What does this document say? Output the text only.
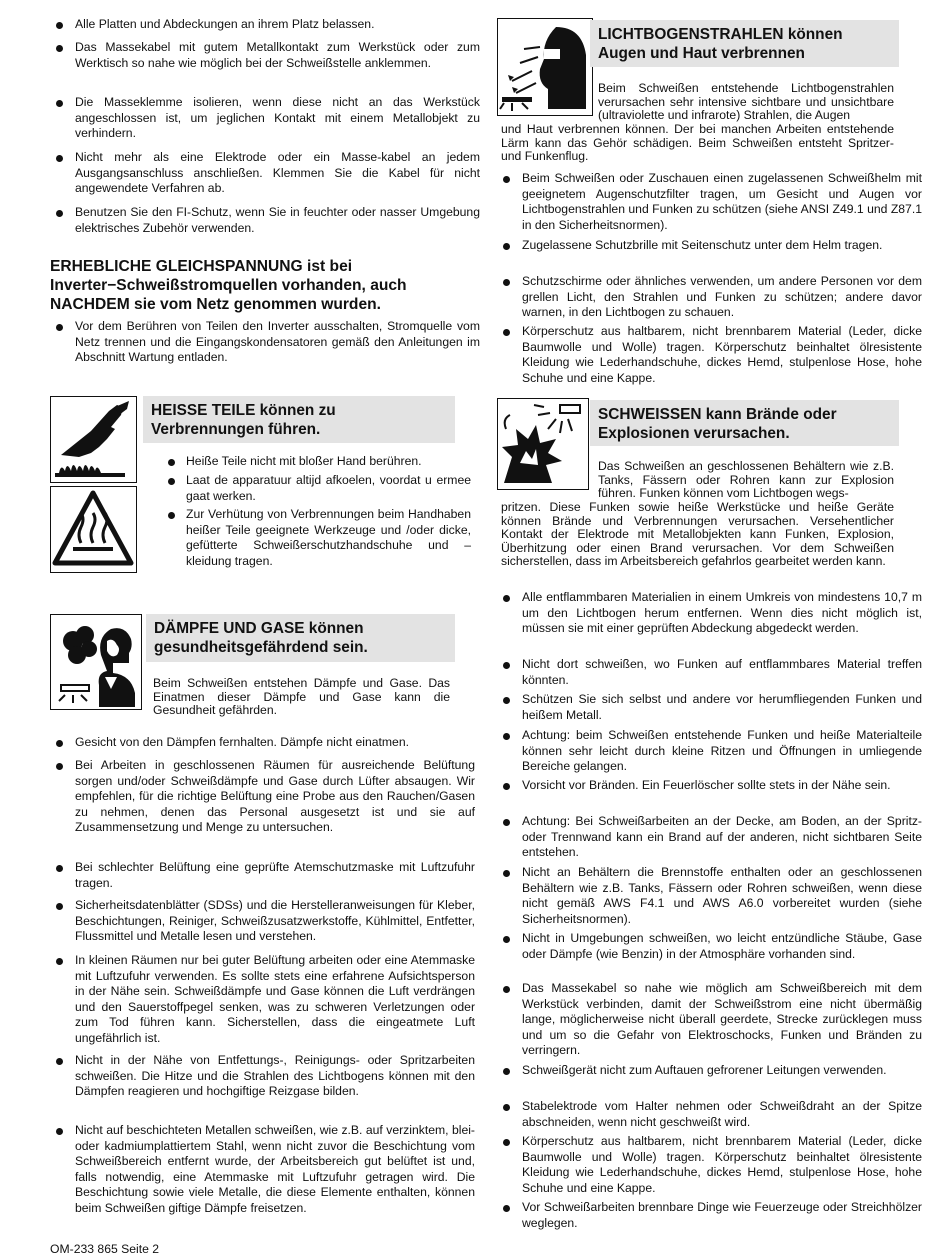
Alle Platten und Abdeckungen an ihrem Platz belassen.
Das Massekabel mit gutem Metallkontakt zum Werkstück oder zum Werktisch so nahe wie möglich bei der Schweißstelle anklemmen.
Die Masseklemme isolieren, wenn diese nicht an das Werkstück angeschlossen ist, um jeglichen Kontakt mit einem Metallobjekt zu verhindern.
Nicht mehr als eine Elektrode oder ein Masse-kabel an jedem Ausgangsanschluss anschließen. Klemmen Sie die Kabel für nicht angewendete Verfahren ab.
Benutzen Sie den FI-Schutz, wenn Sie in feuchter oder nasser Umgebung elektrisches Zubehör verwenden.
ERHEBLICHE GLEICHSPANNUNG ist bei Inverter−Schweißstromquellen vorhanden, auch NACHDEM sie vom Netz genommen wurden.
Vor dem Berühren von Teilen den Inverter ausschalten, Stromquelle vom Netz trennen und die Eingangskondensatoren gemäß den Anleitungen im Abschnitt Wartung entladen.
HEISSE TEILE können zu Verbrennungen führen.
Heiße Teile nicht mit bloßer Hand berühren.
Laat de apparatuur altijd afkoelen, voordat u ermee gaat werken.
Zur Verhütung von Verbrennungen beim Handhaben heißer Teile geeignete Werkzeuge und /oder dicke, gefütterte Schweißerschutzhandschuhe und –kleidung tragen.
DÄMPFE UND GASE können gesundheitsgefährdend sein.
Beim Schweißen entstehen Dämpfe und Gase. Das Einatmen dieser Dämpfe und Gase kann die Gesundheit gefährden.
Gesicht von den Dämpfen fernhalten. Dämpfe nicht einatmen.
Bei Arbeiten in geschlossenen Räumen für ausreichende Belüftung sorgen und/oder Schweißdämpfe und Gase durch Lüfter absaugen. Wir empfehlen, für die richtige Belüftung eine Probe aus den Rauchen/Gasen zu nehmen, denen das Personal ausgesetzt ist und sie auf Zusammensetzung und Menge zu untersuchen.
Bei schlechter Belüftung eine geprüfte Atemschutzmaske mit Luftzufuhr tragen.
Sicherheitsdatenblätter (SDSs) und die Herstelleranweisungen für Kleber, Beschichtungen, Reiniger, Schweißzusatzwerkstoffe, Kühlmittel, Entfetter, Flussmittel und Metalle lesen und verstehen.
In kleinen Räumen nur bei guter Belüftung arbeiten oder eine Atemmaske mit Luftzufuhr verwenden. Es sollte stets eine erfahrene Aufsichtsperson in der Nähe sein. Schweißdämpfe und Gase können die Luft verdrängen und den Sauerstoffpegel senken, was zu schweren Verletzungen oder zum Tod führen kann. Sicherstellen, dass die eingeatmete Luft ungefährlich ist.
Nicht in der Nähe von Entfettungs-, Reinigungs- oder Spritzarbeiten schweißen. Die Hitze und die Strahlen des Lichtbogens können mit den Dämpfen reagieren und hochgiftige Reizgase bilden.
Nicht auf beschichteten Metallen schweißen, wie z.B. auf verzinktem, blei- oder kadmiumplattiertem Stahl, wenn nicht zuvor die Beschichtung vom Schweißbereich entfernt wurde, der Arbeitsbereich gut belüftet ist und, falls notwendig, eine Atemmaske mit Luftzufuhr getragen wird. Die Beschichtung sowie viele Metalle, die diese Elemente enthalten, können beim Schweißen giftige Dämpfe freisetzen.
LICHTBOGENSTRAHLEN können Augen und Haut verbrennen
Beim Schweißen entstehende Lichtbogenstrahlen verursachen sehr intensive sichtbare und unsichtbare (ultraviolette und infrarote) Strahlen, die Augen
und Haut verbrennen können. Der bei manchen Arbeiten entstehende Lärm kann das Gehör schädigen. Beim Schweißen entsteht Spritzer- und Funkenflug.
Beim Schweißen oder Zuschauen einen zugelassenen Schweißhelm mit geeignetem Augenschutzfilter tragen, um Gesicht und Augen vor Lichtbogenstrahlen und Funken zu schützen (siehe ANSI Z49.1 und Z87.1 in den Sicherheitsnormen).
Zugelassene Schutzbrille mit Seitenschutz unter dem Helm tragen.
Schutzschirme oder ähnliches verwenden, um andere Personen vor dem grellen Licht, den Strahlen und Funken zu schützen; andere davor warnen, in den Lichtbogen zu schauen.
Körperschutz aus haltbarem, nicht brennbarem Material (Leder, dicke Baumwolle und Wolle) tragen. Körperschutz beinhaltet ölresistente Kleidung wie Lederhandschuhe, dickes Hemd, stulpenlose Hose, hohe Schuhe und eine Kappe.
SCHWEISSEN kann Brände oder Explosionen verursachen.
Das Schweißen an geschlossenen Behältern wie z.B. Tanks, Fässern oder Rohren kann zur Explosion führen. Funken können vom Lichtbogen wegs-
pritzen. Diese Funken sowie heiße Werkstücke und heiße Geräte können Brände und Verbrennungen verursachen. Versehentlicher Kontakt der Elektrode mit Metallobjekten kann Funken, Explosion, Überhitzung oder einen Brand verursachen. Vor dem Schweißen sicherstellen, dass im Arbeitsbereich gefahrlos gearbeitet werden kann.
Alle entflammbaren Materialien in einem Umkreis von mindestens 10,7 m um den Lichtbogen herum entfernen. Wenn dies nicht möglich ist, müssen sie mit einer geprüften Abdeckung abgedeckt werden.
Nicht dort schweißen, wo Funken auf entflammbares Material treffen könnten.
Schützen Sie sich selbst und andere vor herumfliegenden Funken und heißem Metall.
Achtung: beim Schweißen entstehende Funken und heiße Materialteile können sehr leicht durch kleine Ritzen und Öffnungen in umliegende Bereiche gelangen.
Vorsicht vor Bränden. Ein Feuerlöscher sollte stets in der Nähe sein.
Achtung: Bei Schweißarbeiten an der Decke, am Boden, an der Spritz- oder Trennwand kann ein Brand auf der anderen, nicht sichtbaren Seite entstehen.
Nicht an Behältern die Brennstoffe enthalten oder an geschlossenen Behältern wie z.B. Tanks, Fässern oder Rohren schweißen, wenn diese nicht gemäß AWS F4.1 und AWS A6.0 vorbereitet wurden (siehe Sicherheitsnormen).
Nicht in Umgebungen schweißen, wo leicht entzündliche Stäube, Gase oder Dämpfe (wie Benzin) in der Atmosphäre vorhanden sind.
Das Massekabel so nahe wie möglich am Schweißbereich mit dem Werkstück verbinden, damit der Schweißstrom eine nicht übermäßig lange, möglicherweise nicht überall geerdete, Strecke zurücklegen muss und um so die Gefahr von Elektroschocks, Funken und Bränden zu verringern.
Schweißgerät nicht zum Auftauen gefrorener Leitungen verwenden.
Stabelektrode vom Halter nehmen oder Schweißdraht an der Spitze abschneiden, wenn nicht geschweißt wird.
Körperschutz aus haltbarem, nicht brennbarem Material (Leder, dicke Baumwolle und Wolle) tragen. Körperschutz beinhaltet ölresistente Kleidung wie Lederhandschuhe, dickes Hemd, stulpenlose Hose, hohe Schuhe und eine Kappe.
Vor Schweißarbeiten brennbare Dinge wie Feuerzeuge oder Streichhölzer weglegen.
OM-233 865 Seite 2
